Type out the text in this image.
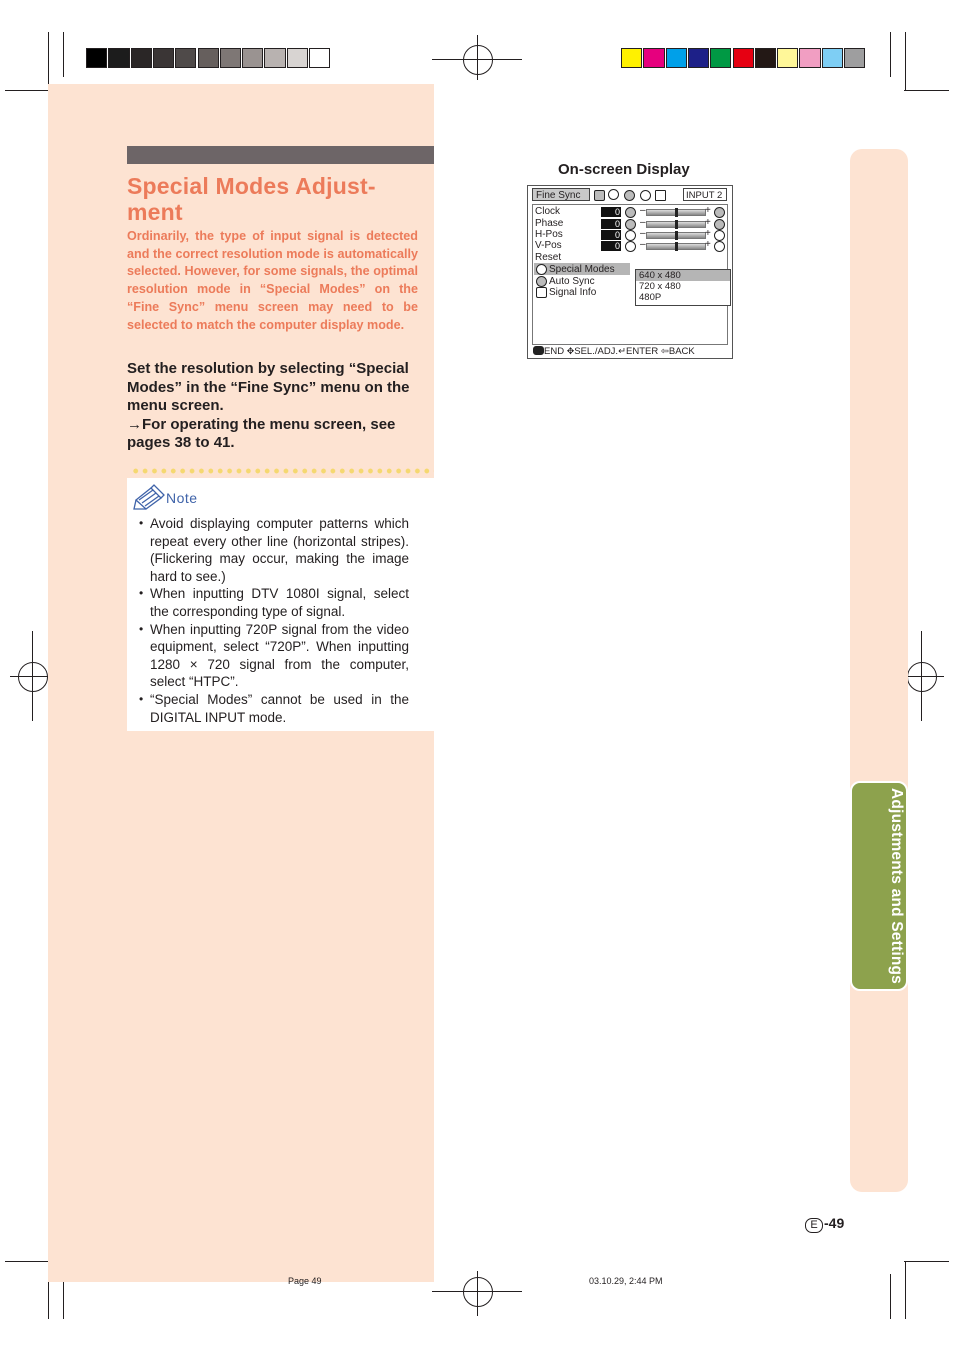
Special Modes Adjust-
ment

Ordinarily, the type of input signal is detected and the correct resolution mode is automatically selected. However, for some signals, the optimal resolution mode in “Special Modes” on the “Fine Sync” menu screen may need to be selected to match the computer display mode.

Set the resolution by selecting “Special Modes” in the “Fine Sync” menu on the menu screen.
→For operating the menu screen, see pages 38 to 41.
Note
• Avoid displaying computer patterns which repeat every other line (horizontal stripes). (Flickering may occur, making the image hard to see.)
• When inputting DTV 1080I signal, select the corresponding type of signal.
• When inputting 720P signal from the video equipment, select “720P”. When inputting 1280 × 720 signal from the computer, select “HTPC”.
• “Special Modes” cannot be used in the DIGITAL INPUT mode.
On-screen Display
Fine Sync	INPUT 2
Clock	0 –	+
Phase	0 –	+
H-Pos	0 –	+
V-Pos	0 –	+
Reset
Special Modes
Auto Sync
Signal Info
640 x 480
720 x 480
480P
END ✥SEL./ADJ.↵ENTER ⇦BACK
Adjustments and Settings
E -49
Page 49	03.10.29, 2:44 PM
